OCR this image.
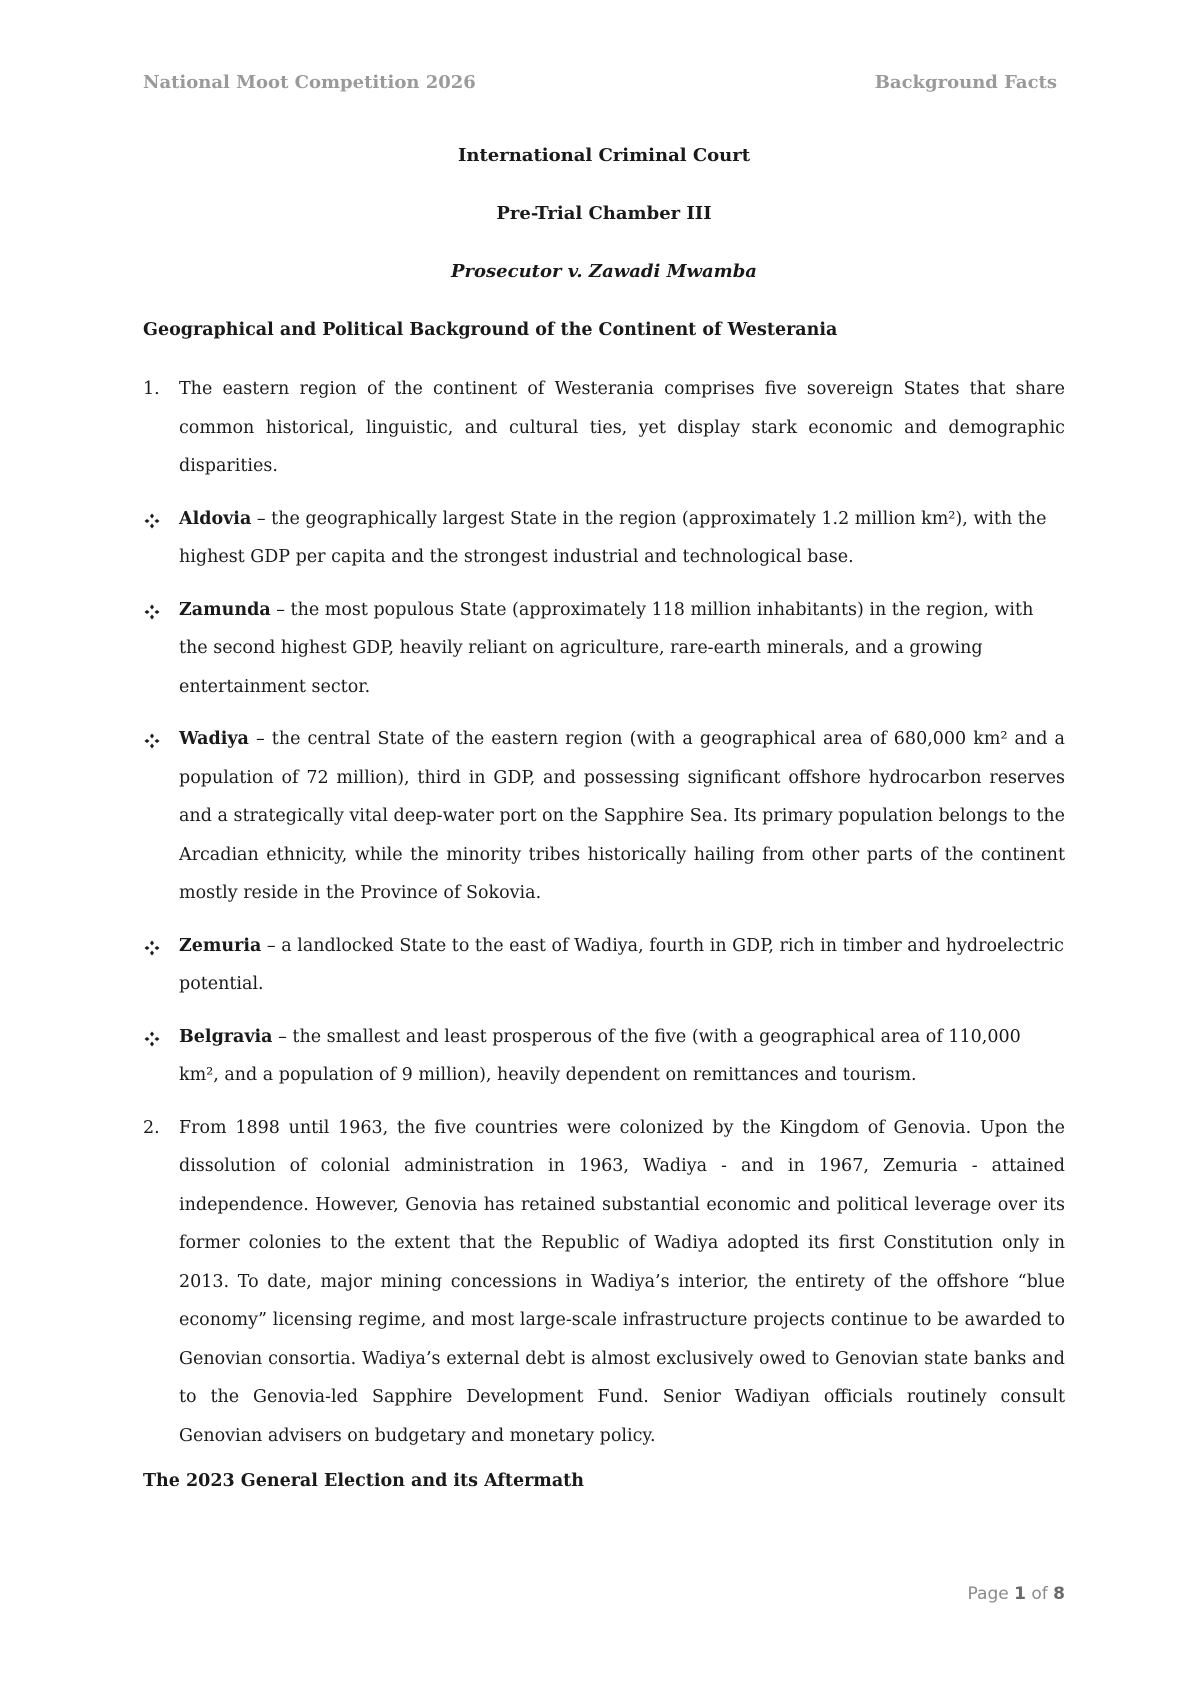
National Moot Competition 2026	Background Facts

International Criminal Court

Pre-Trial Chamber III

Prosecutor v. Zawadi Mwamba

Geographical and Political Background of the Continent of Westerania

1.	The eastern region of the continent of Westerania comprises five sovereign States that share common historical, linguistic, and cultural ties, yet display stark economic and demographic disparities.
Aldovia – the geographically largest State in the region (approximately 1.2 million km²), with the highest GDP per capita and the strongest industrial and technological base.
Zamunda – the most populous State (approximately 118 million inhabitants) in the region, with the second highest GDP, heavily reliant on agriculture, rare-earth minerals, and a growing entertainment sector.
Wadiya – the central State of the eastern region (with a geographical area of 680,000 km² and a population of 72 million), third in GDP, and possessing significant offshore hydrocarbon reserves and a strategically vital deep-water port on the Sapphire Sea. Its primary population belongs to the Arcadian ethnicity, while the minority tribes historically hailing from other parts of the continent mostly reside in the Province of Sokovia.
Zemuria – a landlocked State to the east of Wadiya, fourth in GDP, rich in timber and hydroelectric potential.
Belgravia – the smallest and least prosperous of the five (with a geographical area of 110,000 km², and a population of 9 million), heavily dependent on remittances and tourism.
2.	From 1898 until 1963, the five countries were colonized by the Kingdom of Genovia. Upon the dissolution of colonial administration in 1963, Wadiya - and in 1967, Zemuria - attained independence. However, Genovia has retained substantial economic and political leverage over its former colonies to the extent that the Republic of Wadiya adopted its first Constitution only in 2013. To date, major mining concessions in Wadiya’s interior, the entirety of the offshore “blue economy” licensing regime, and most large-scale infrastructure projects continue to be awarded to Genovian consortia. Wadiya’s external debt is almost exclusively owed to Genovian state banks and to the Genovia-led Sapphire Development Fund. Senior Wadiyan officials routinely consult Genovian advisers on budgetary and monetary policy.

The 2023 General Election and its Aftermath

Page 1 of 8
